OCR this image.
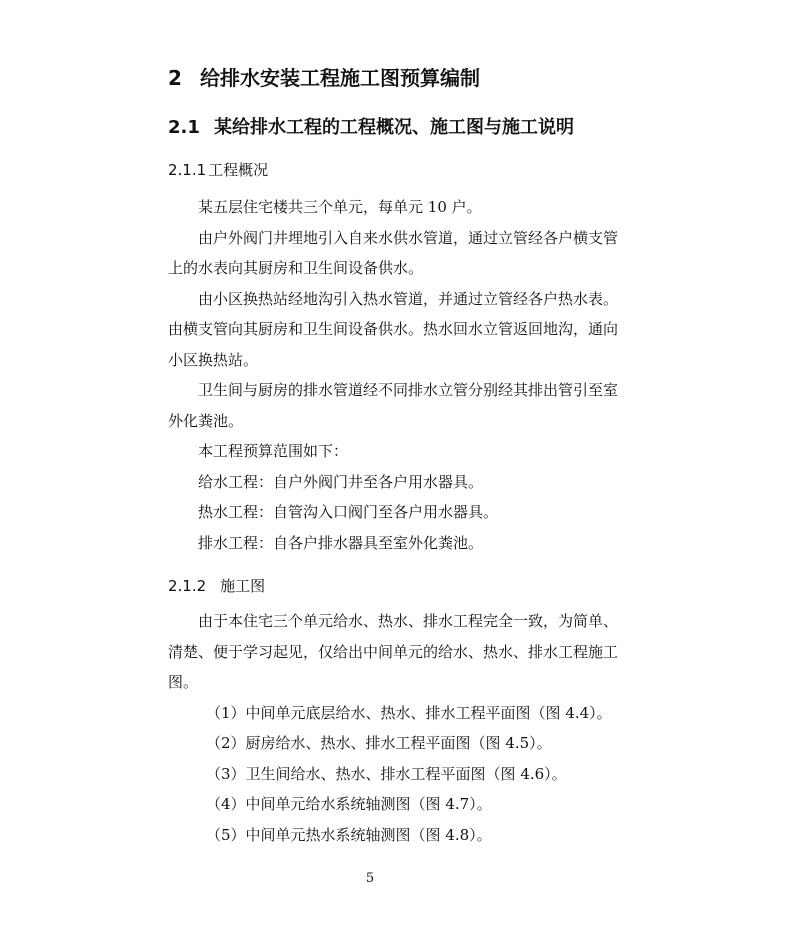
2 给排水安装工程施工图预算编制
2.1 某给排水工程的工程概况、施工图与施工说明
2.1.1 工程概况

某五层住宅楼共三个单元，每单元 10 户。

由户外阀门井埋地引入自来水供水管道，通过立管经各户横支管上的水表向其厨房和卫生间设备供水。

由小区换热站经地沟引入热水管道，并通过立管经各户热水表。由横支管向其厨房和卫生间设备供水。热水回水立管返回地沟，通向小区换热站。

卫生间与厨房的排水管道经不同排水立管分别经其排出管引至室外化粪池。

本工程预算范围如下：

给水工程：自户外阀门井至各户用水器具。

热水工程：自管沟入口阀门至各户用水器具。

排水工程：自各户排水器具至室外化粪池。

2.1.2 施工图

由于本住宅三个单元给水、热水、排水工程完全一致，为简单、清楚、便于学习起见，仅给出中间单元的给水、热水、排水工程施工图。

（1）中间单元底层给水、热水、排水工程平面图（图 4.4）。

（2）厨房给水、热水、排水工程平面图（图 4.5）。

（3）卫生间给水、热水、排水工程平面图（图 4.6）。

（4）中间单元给水系统轴测图（图 4.7）。

（5）中间单元热水系统轴测图（图 4.8）。

5
